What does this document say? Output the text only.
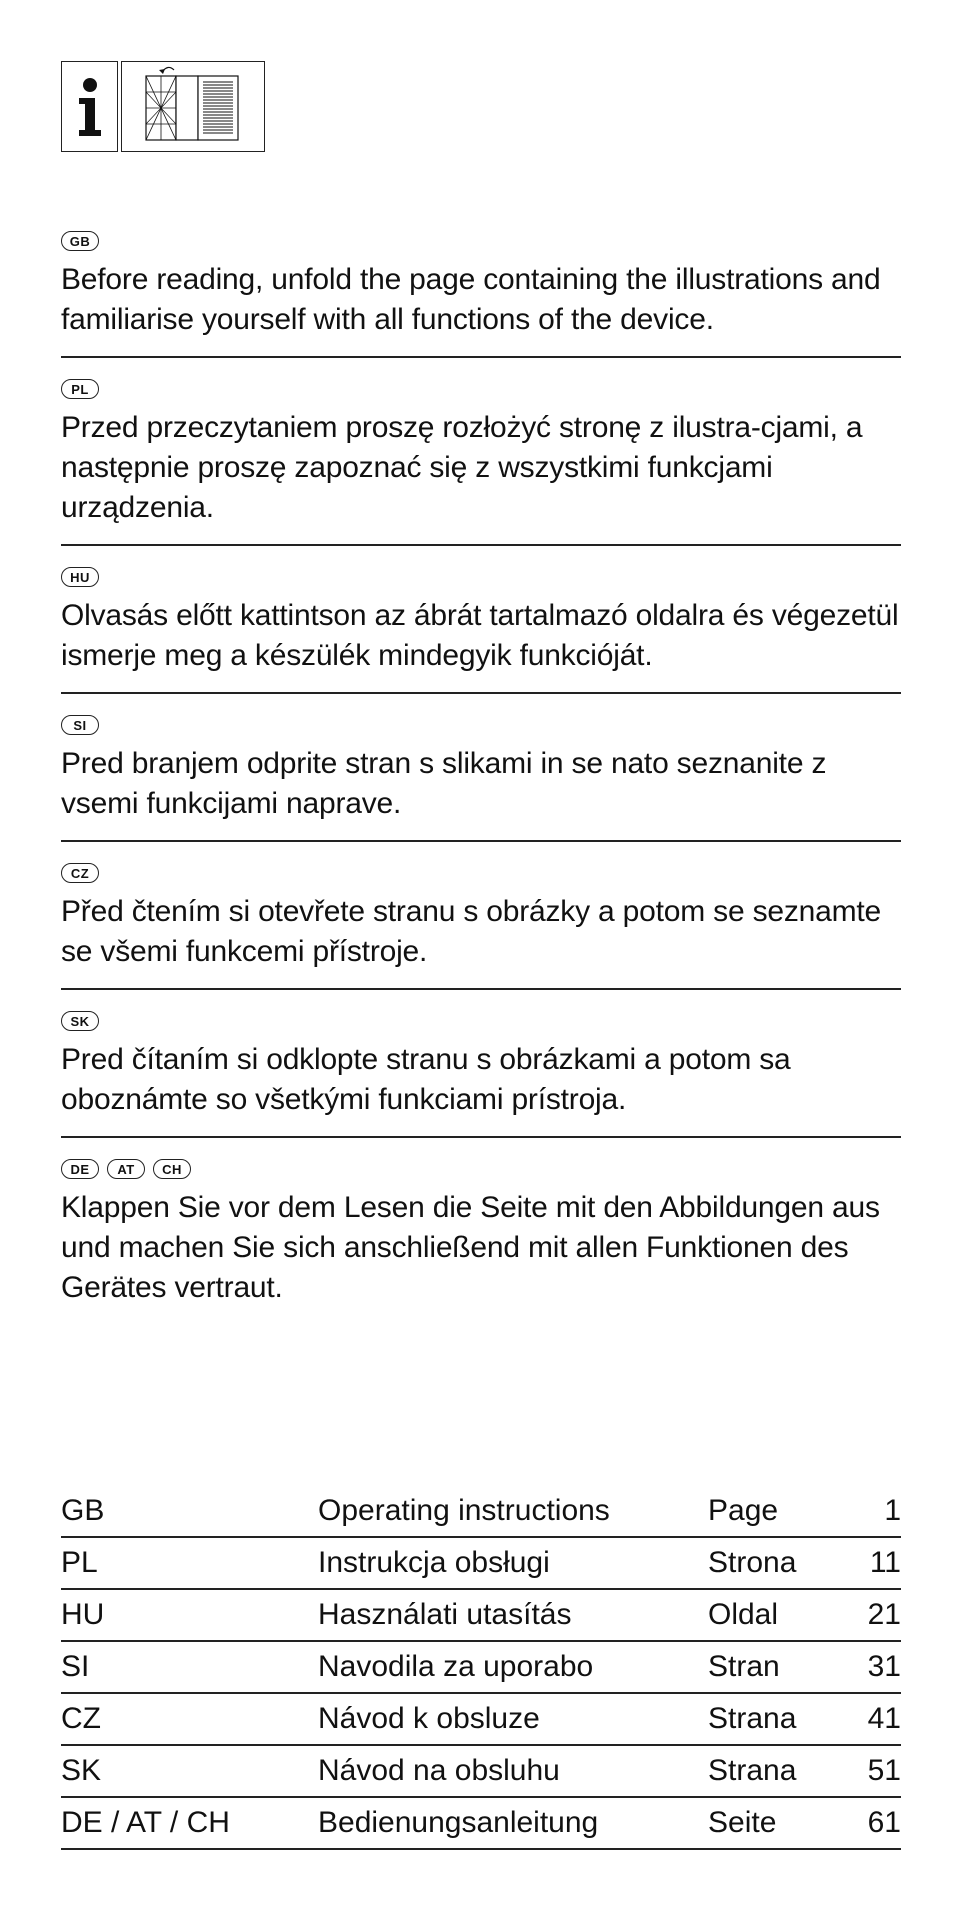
GB

Before reading, unfold the page containing the illustrations and familiarise yourself with all functions of the device.

PL

Przed przeczytaniem proszę rozłożyć stronę z ilustra-cjami, a następnie proszę zapoznać się z wszystkimi funkcjami urządzenia.

HU

Olvasás előtt kattintson az ábrát tartalmazó oldalra és végezetül ismerje meg a készülék mindegyik funkcióját.

SI

Pred branjem odprite stran s slikami in se nato seznanite z vsemi funkcijami naprave.

CZ

Před čtením si otevřete stranu s obrázky a potom se seznamte se všemi funkcemi přístroje.

SK

Pred čítaním si odklopte stranu s obrázkami a potom sa oboznámte so všetkými funkciami prístroja.

DE	AT	CH

Klappen Sie vor dem Lesen die Seite mit den Abbildungen aus und machen Sie sich anschließend mit allen Funktionen des Gerätes vertraut.

GB	Operating instructions	Page	1
PL	Instrukcja obsługi	Strona	11
HU	Használati utasítás	Oldal	21
SI	Navodila za uporabo	Stran	31
CZ	Návod k obsluze	Strana	41
SK	Návod na obsluhu	Strana	51
DE / AT / CH	Bedienungsanleitung	Seite	61
